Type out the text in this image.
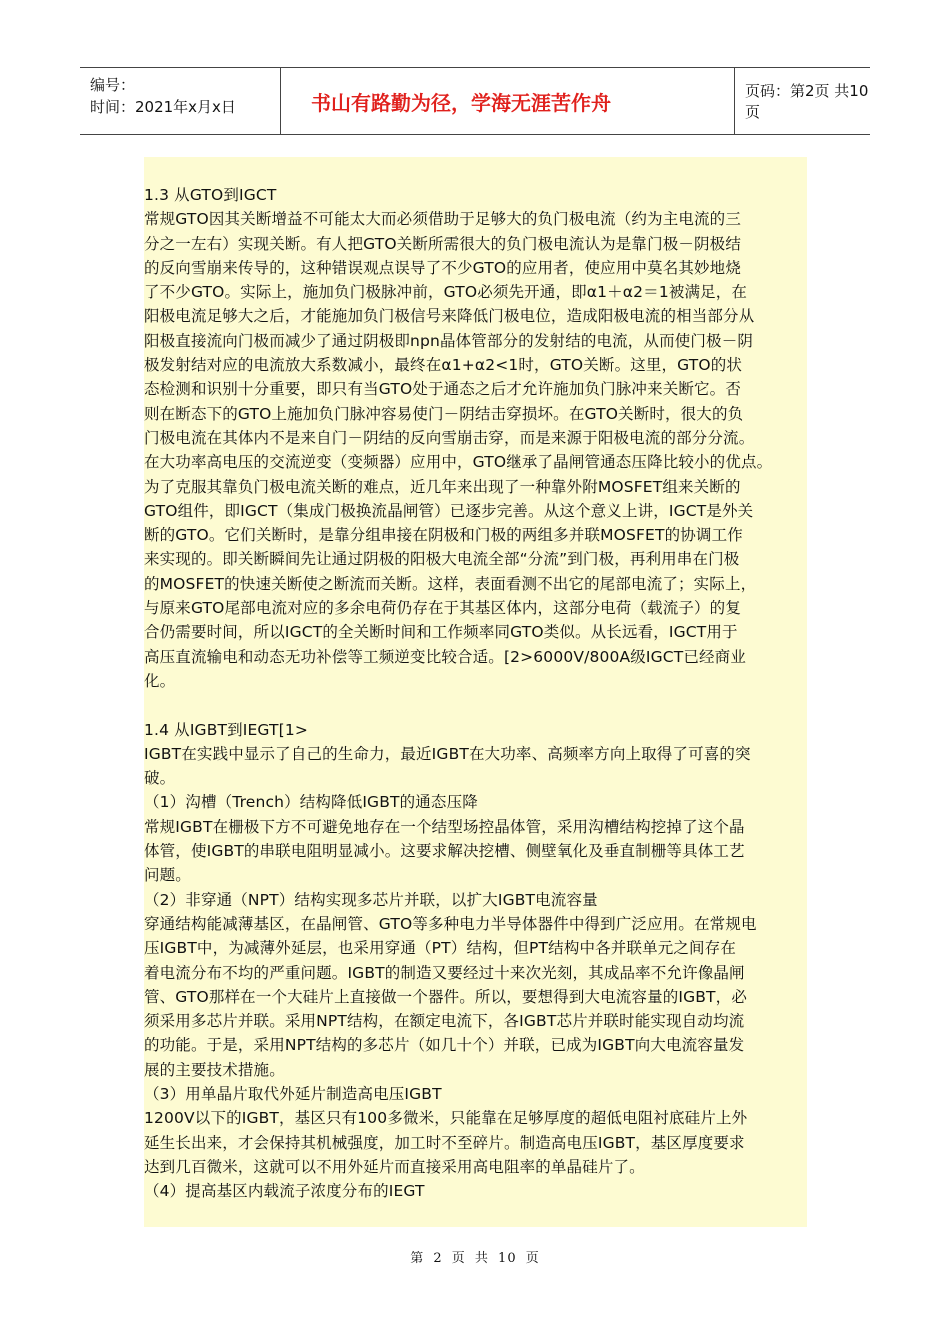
编号：
时间：2021年x月x日	书山有路勤为径，学海无涯苦作舟	页码：第2页 共10页

1.3 从GTO到IGCT

常规GTO因其关断增益不可能太大而必须借助于足够大的负门极电流（约为主电流的三

分之一左右）实现关断。有人把GTO关断所需很大的负门极电流认为是靠门极－阴极结

的反向雪崩来传导的，这种错误观点误导了不少GTO的应用者，使应用中莫名其妙地烧

了不少GTO。实际上，施加负门极脉冲前，GTO必须先开通，即α1＋α2＝1被满足，在

阳极电流足够大之后，才能施加负门极信号来降低门极电位，造成阳极电流的相当部分从

阳极直接流向门极而减少了通过阴极即npn晶体管部分的发射结的电流，从而使门极－阴

极发射结对应的电流放大系数减小，最终在α1+α2<1时，GTO关断。这里，GTO的状

态检测和识别十分重要，即只有当GTO处于通态之后才允许施加负门脉冲来关断它。否

则在断态下的GTO上施加负门脉冲容易使门－阴结击穿损坏。在GTO关断时，很大的负

门极电流在其体内不是来自门－阴结的反向雪崩击穿，而是来源于阳极电流的部分分流。

在大功率高电压的交流逆变（变频器）应用中，GTO继承了晶闸管通态压降比较小的优点。

为了克服其靠负门极电流关断的难点，近几年来出现了一种靠外附MOSFET组来关断的

GTO组件，即IGCT（集成门极换流晶闸管）已逐步完善。从这个意义上讲，IGCT是外关

断的GTO。它们关断时，是靠分组串接在阴极和门极的两组多并联MOSFET的协调工作

来实现的。即关断瞬间先让通过阴极的阳极大电流全部“分流”到门极，再利用串在门极

的MOSFET的快速关断使之断流而关断。这样，表面看测不出它的尾部电流了；实际上，

与原来GTO尾部电流对应的多余电荷仍存在于其基区体内，这部分电荷（载流子）的复

合仍需要时间，所以IGCT的全关断时间和工作频率同GTO类似。从长远看，IGCT用于

高压直流输电和动态无功补偿等工频逆变比较合适。[2>6000V/800A级IGCT已经商业

化。

1.4 从IGBT到IEGT[1>

IGBT在实践中显示了自己的生命力，最近IGBT在大功率、高频率方向上取得了可喜的突

破。

（1）沟槽（Trench）结构降低IGBT的通态压降

常规IGBT在栅极下方不可避免地存在一个结型场控晶体管，采用沟槽结构挖掉了这个晶

体管，使IGBT的串联电阻明显减小。这要求解决挖槽、侧壁氧化及垂直制栅等具体工艺

问题。

（2）非穿通（NPT）结构实现多芯片并联，以扩大IGBT电流容量

穿通结构能减薄基区，在晶闸管、GTO等多种电力半导体器件中得到广泛应用。在常规电

压IGBT中，为减薄外延层，也采用穿通（PT）结构，但PT结构中各并联单元之间存在

着电流分布不均的严重问题。IGBT的制造又要经过十来次光刻，其成品率不允许像晶闸

管、GTO那样在一个大硅片上直接做一个器件。所以，要想得到大电流容量的IGBT，必

须采用多芯片并联。采用NPT结构，在额定电流下，各IGBT芯片并联时能实现自动均流

的功能。于是，采用NPT结构的多芯片（如几十个）并联，已成为IGBT向大电流容量发

展的主要技术措施。

（3）用单晶片取代外延片制造高电压IGBT

1200V以下的IGBT，基区只有100多微米，只能靠在足够厚度的超低电阻衬底硅片上外

延生长出来，才会保持其机械强度，加工时不至碎片。制造高电压IGBT，基区厚度要求

达到几百微米，这就可以不用外延片而直接采用高电阻率的单晶硅片了。

（4）提高基区内载流子浓度分布的IEGT

第 2 页 共 10 页
